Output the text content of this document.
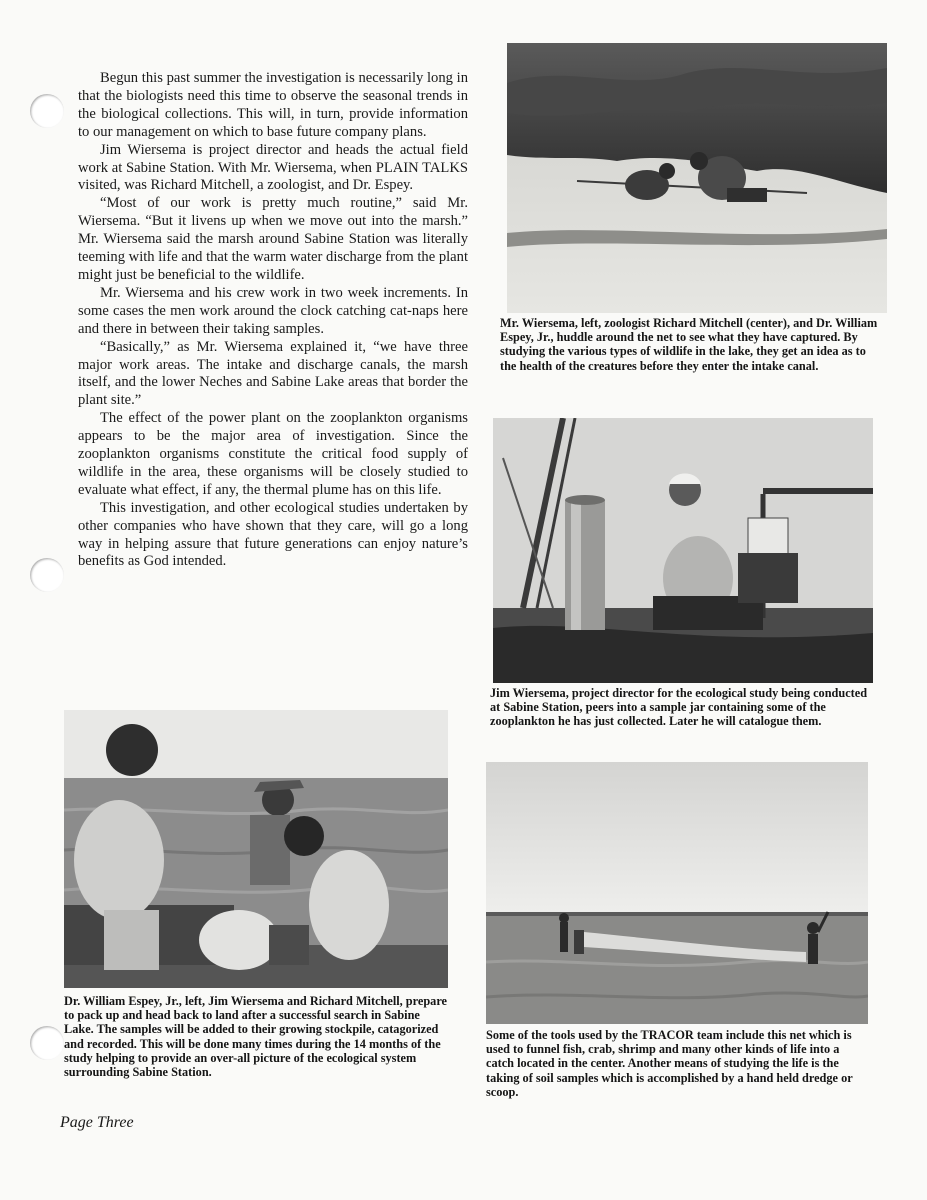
Begun this past summer the investigation is necessarily long in that the biologists need this time to observe the seasonal trends in the biological collections. This will, in turn, provide information to our management on which to base future company plans.

Jim Wiersema is project director and heads the actual field work at Sabine Station. With Mr. Wiersema, when PLAIN TALKS visited, was Richard Mitchell, a zoologist, and Dr. Espey.

“Most of our work is pretty much routine,” said Mr. Wiersema. “But it livens up when we move out into the marsh.” Mr. Wiersema said the marsh around Sabine Station was literally teeming with life and that the warm water discharge from the plant might just be beneficial to the wildlife.

Mr. Wiersema and his crew work in two week increments. In some cases the men work around the clock catching cat-naps here and there in between their taking samples.

“Basically,” as Mr. Wiersema explained it, “we have three major work areas. The intake and discharge canals, the marsh itself, and the lower Neches and Sabine Lake areas that border the plant site.”

The effect of the power plant on the zooplankton organisms appears to be the major area of investigation. Since the zooplankton organisms constitute the critical food supply of wildlife in the area, these organisms will be closely studied to evaluate what effect, if any, the thermal plume has on this life.

This investigation, and other ecological studies undertaken by other companies who have shown that they care, will go a long way in helping assure that future generations can enjoy nature’s benefits as God intended.

Mr. Wiersema, left, zoologist Richard Mitchell (center), and Dr. William Espey, Jr., huddle around the net to see what they have captured. By studying the various types of wildlife in the lake, they get an idea as to the health of the creatures before they enter the intake canal.
Jim Wiersema, project director for the ecological study being conducted at Sabine Station, peers into a sample jar containing some of the zooplankton he has just collected. Later he will catalogue them.
Dr. William Espey, Jr., left, Jim Wiersema and Richard Mitchell, prepare to pack up and head back to land after a successful search in Sabine Lake. The samples will be added to their growing stockpile, catagorized and recorded. This will be done many times during the 14 months of the study helping to provide an over-all picture of the ecological system surrounding Sabine Station.
Some of the tools used by the TRACOR team include this net which is used to funnel fish, crab, shrimp and many other kinds of life into a catch located in the center. Another means of studying the life is the taking of soil samples which is accomplished by a hand held dredge or scoop.
Page Three
